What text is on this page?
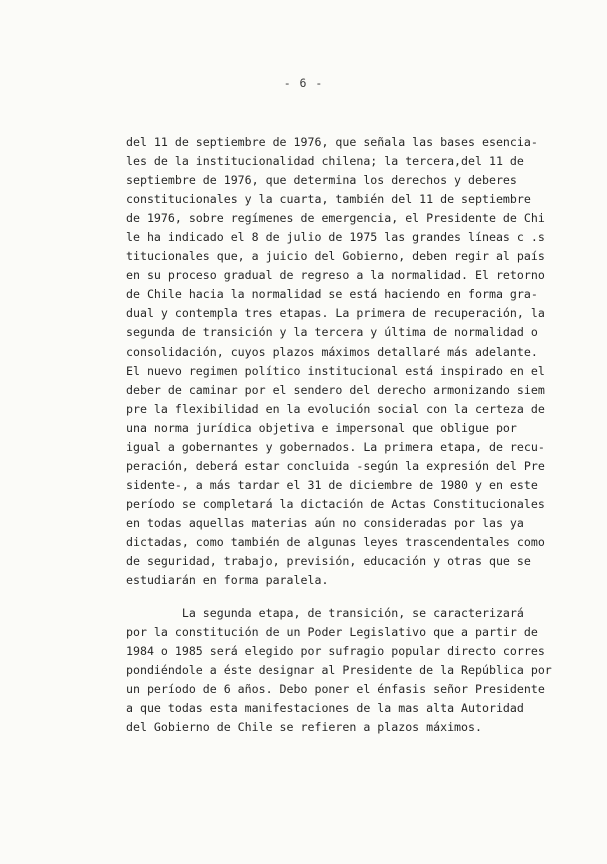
- 6 -
del 11 de septiembre de 1976, que señala las bases esencia-
les de la institucionalidad chilena; la tercera,del 11 de
septiembre de 1976, que determina los derechos y deberes
constitucionales y la cuarta, también del 11 de septiembre
de 1976, sobre regímenes de emergencia, el Presidente de Chi
le ha indicado el 8 de julio de 1975 las grandes líneas c .s
titucionales que, a juicio del Gobierno, deben regir al país
en su proceso gradual de regreso a la normalidad. El retorno
de Chile hacia la normalidad se está haciendo en forma gra-
dual y contempla tres etapas. La primera de recuperación, la
segunda de transición y la tercera y última de normalidad o
consolidación, cuyos plazos máximos detallaré más adelante.
El nuevo regimen político institucional está inspirado en el
deber de caminar por el sendero del derecho armonizando siem
pre la flexibilidad en la evolución social con la certeza de
una norma jurídica objetiva e impersonal que obligue por
igual a gobernantes y gobernados. La primera etapa, de recu-
peración, deberá estar concluida -según la expresión del Pre
sidente-, a más tardar el 31 de diciembre de 1980 y en este
período se completará la dictación de Actas Constitucionales
en todas aquellas materias aún no consideradas por las ya
dictadas, como también de algunas leyes trascendentales como
de seguridad, trabajo, previsión, educación y otras que se
estudiarán en forma paralela.
La segunda etapa, de transición, se caracterizará
por la constitución de un Poder Legislativo que a partir de
1984 o 1985 será elegido por sufragio popular directo corres
pondiéndole a éste designar al Presidente de la República por
un período de 6 años. Debo poner el énfasis señor Presidente
a que todas esta manifestaciones de la mas alta Autoridad
del Gobierno de Chile se refieren a plazos máximos.
